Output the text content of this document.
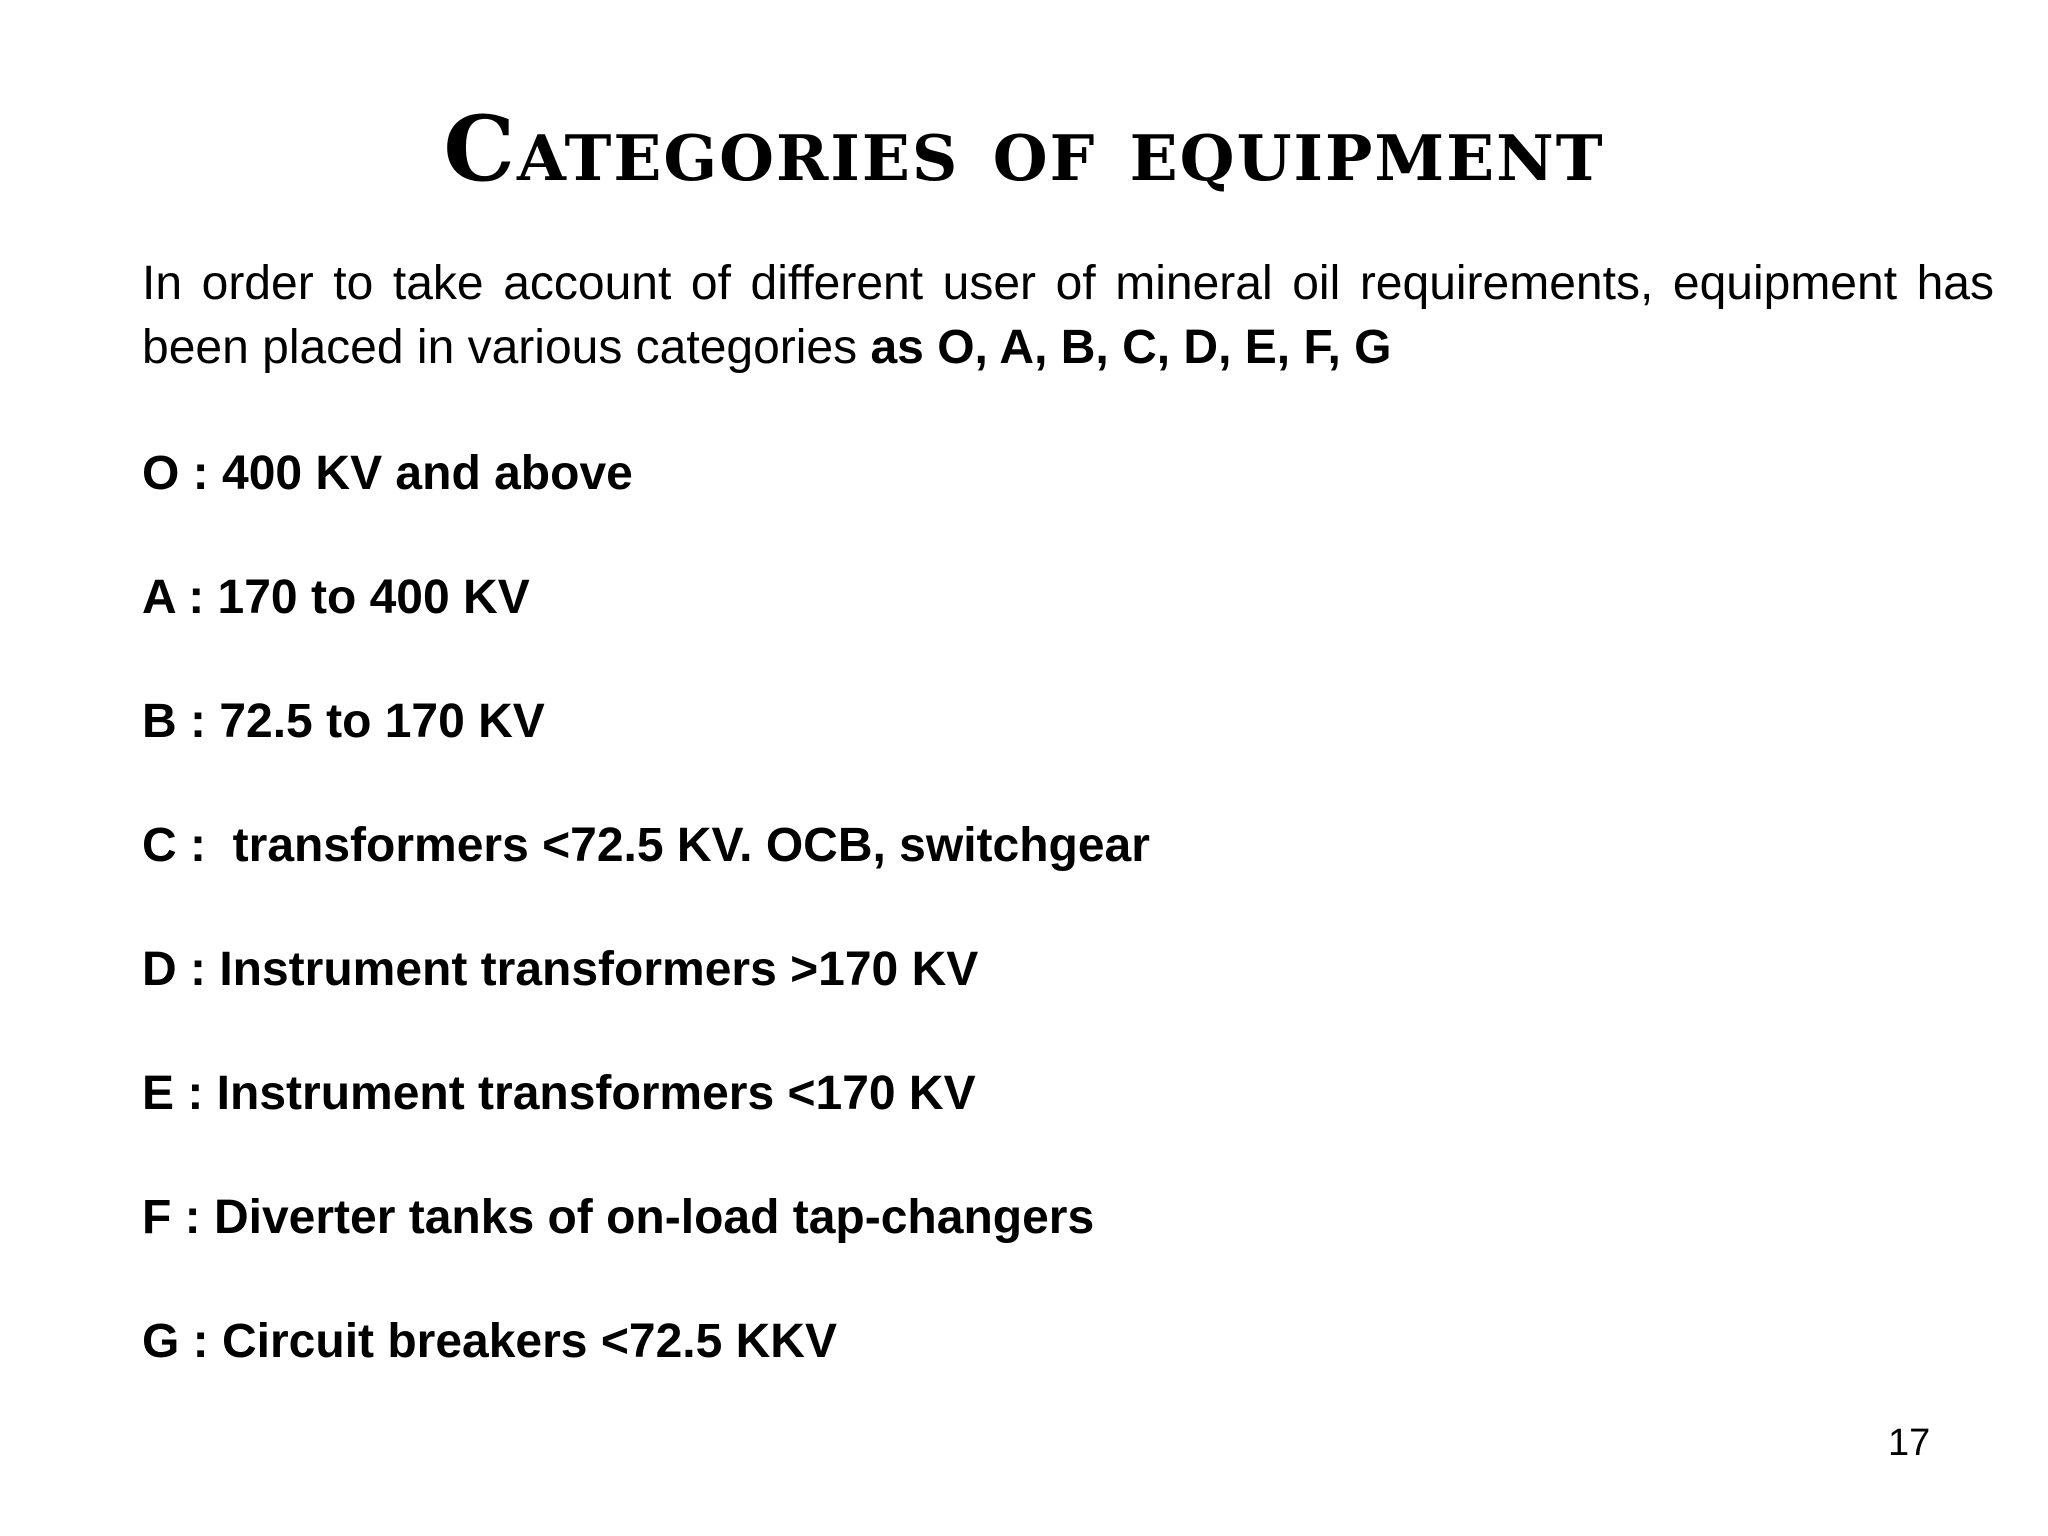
Categories of equipment
In order to take account of different user of mineral oil requirements, equipment has been placed in various categories as O, A, B, C, D, E, F, G
O : 400 KV and above
A : 170 to 400 KV
B : 72.5 to 170 KV
C :  transformers <72.5 KV. OCB, switchgear
D : Instrument transformers >170 KV
E : Instrument transformers <170 KV
F : Diverter tanks of on-load tap-changers
G : Circuit breakers <72.5 KKV
17
